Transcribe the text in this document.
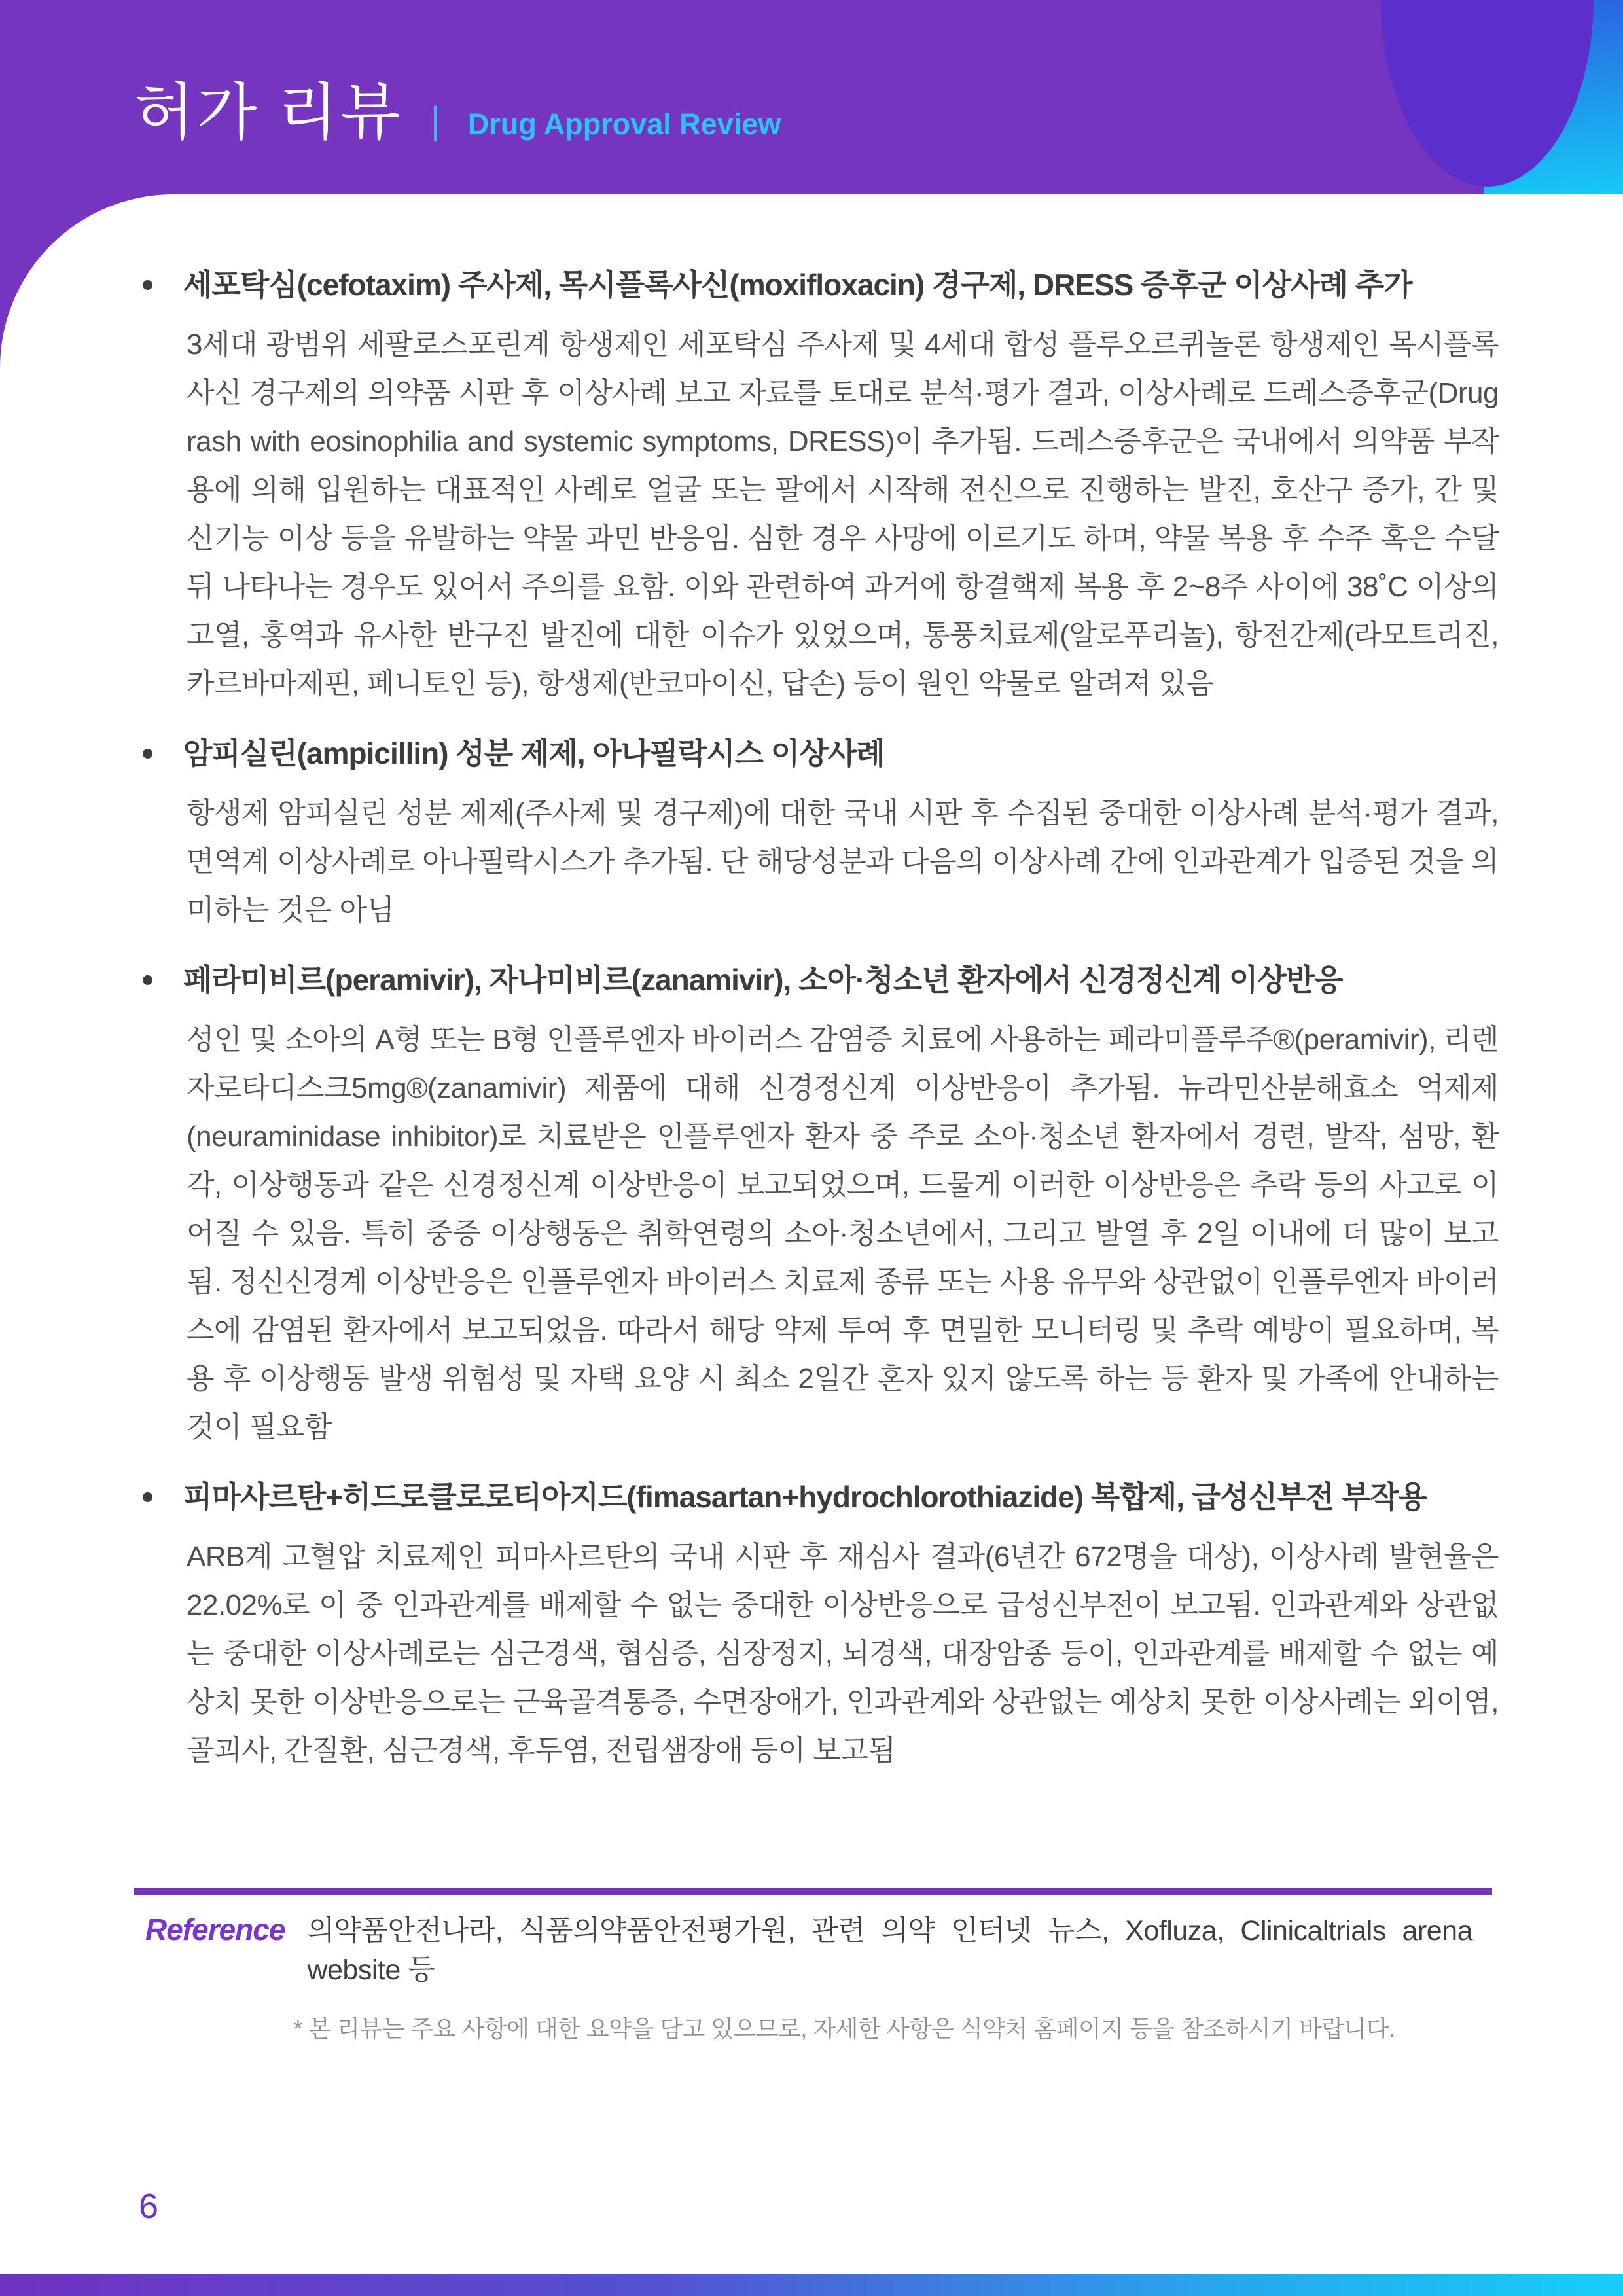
허가 리뷰 | Drug Approval Review
세포탁심(cefotaxim) 주사제, 목시플록사신(moxifloxacin) 경구제, DRESS 증후군 이상사례 추가

3세대 광범위 세팔로스포린계 항생제인 세포탁심 주사제 및 4세대 합성 플루오르퀴놀론 항생제인 목시플록사신 경구제의 의약품 시판 후 이상사례 보고 자료를 토대로 분석·평가 결과, 이상사례로 드레스증후군(Drug rash with eosinophilia and systemic symptoms, DRESS)이 추가됨. 드레스증후군은 국내에서 의약품 부작용에 의해 입원하는 대표적인 사례로 얼굴 또는 팔에서 시작해 전신으로 진행하는 발진, 호산구 증가, 간 및 신기능 이상 등을 유발하는 약물 과민 반응임. 심한 경우 사망에 이르기도 하며, 약물 복용 후 수주 혹은 수달 뒤 나타나는 경우도 있어서 주의를 요함. 이와 관련하여 과거에 항결핵제 복용 후 2~8주 사이에 38˚C 이상의 고열, 홍역과 유사한 반구진 발진에 대한 이슈가 있었으며, 통풍치료제(알로푸리놀), 항전간제(라모트리진, 카르바마제핀, 페니토인 등), 항생제(반코마이신, 답손) 등이 원인 약물로 알려져 있음

암피실린(ampicillin) 성분 제제, 아나필락시스 이상사례

항생제 암피실린 성분 제제(주사제 및 경구제)에 대한 국내 시판 후 수집된 중대한 이상사례 분석·평가 결과, 면역계 이상사례로 아나필락시스가 추가됨. 단 해당성분과 다음의 이상사례 간에 인과관계가 입증된 것을 의미하는 것은 아님

페라미비르(peramivir), 자나미비르(zanamivir), 소아·청소년 환자에서 신경정신계 이상반응

성인 및 소아의 A형 또는 B형 인플루엔자 바이러스 감염증 치료에 사용하는 페라미플루주®(peramivir), 리렌자로타디스크5mg®(zanamivir) 제품에 대해 신경정신계 이상반응이 추가됨. 뉴라민산분해효소 억제제(neuraminidase inhibitor)로 치료받은 인플루엔자 환자 중 주로 소아·청소년 환자에서 경련, 발작, 섬망, 환각, 이상행동과 같은 신경정신계 이상반응이 보고되었으며, 드물게 이러한 이상반응은 추락 등의 사고로 이어질 수 있음. 특히 중증 이상행동은 취학연령의 소아·청소년에서, 그리고 발열 후 2일 이내에 더 많이 보고됨. 정신신경계 이상반응은 인플루엔자 바이러스 치료제 종류 또는 사용 유무와 상관없이 인플루엔자 바이러스에 감염된 환자에서 보고되었음. 따라서 해당 약제 투여 후 면밀한 모니터링 및 추락 예방이 필요하며, 복용 후 이상행동 발생 위험성 및 자택 요양 시 최소 2일간 혼자 있지 않도록 하는 등 환자 및 가족에 안내하는 것이 필요함

피마사르탄+히드로클로로티아지드(fimasartan+hydrochlorothiazide) 복합제, 급성신부전 부작용

ARB계 고혈압 치료제인 피마사르탄의 국내 시판 후 재심사 결과(6년간 672명을 대상), 이상사례 발현율은 22.02%로 이 중 인과관계를 배제할 수 없는 중대한 이상반응으로 급성신부전이 보고됨. 인과관계와 상관없는 중대한 이상사례로는 심근경색, 협심증, 심장정지, 뇌경색, 대장암종 등이, 인과관계를 배제할 수 없는 예상치 못한 이상반응으로는 근육골격통증, 수면장애가, 인과관계와 상관없는 예상치 못한 이상사례는 외이염, 골괴사, 간질환, 심근경색, 후두염, 전립샘장애 등이 보고됨

Reference 의약품안전나라, 식품의약품안전평가원, 관련 의약 인터넷 뉴스, Xofluza, Clinicaltrials arena website 등
* 본 리뷰는 주요 사항에 대한 요약을 담고 있으므로, 자세한 사항은 식약처 홈페이지 등을 참조하시기 바랍니다.
6
